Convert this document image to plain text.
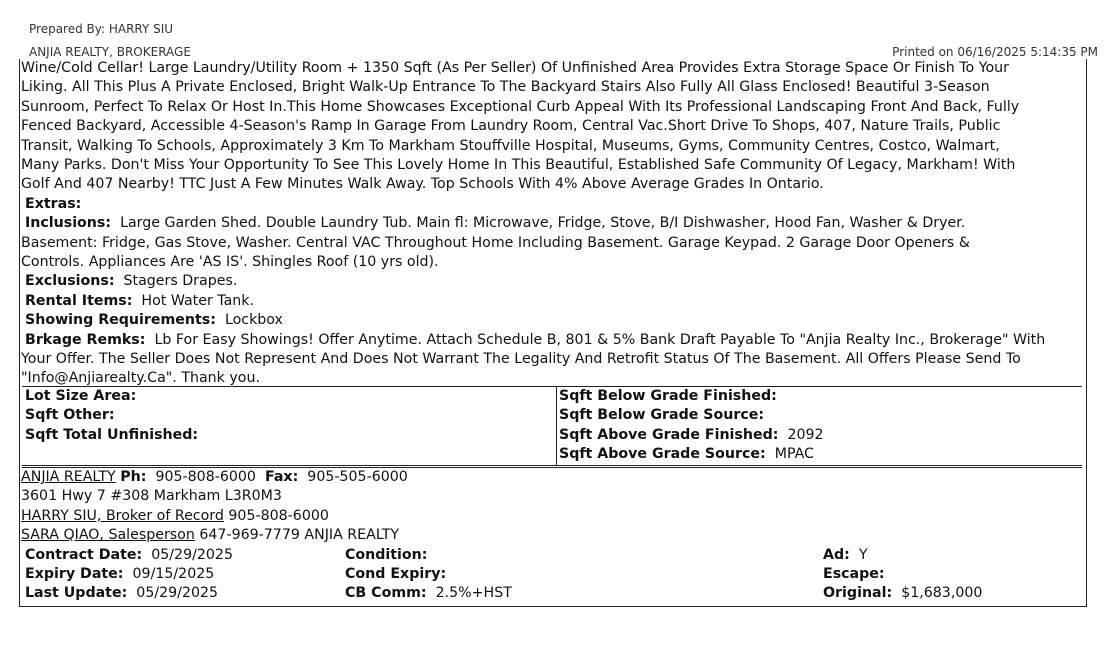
Prepared By: HARRY SIU
ANJIA REALTY, BROKERAGE	Printed on 06/16/2025 5:14:35 PM
Wine/Cold Cellar! Large Laundry/Utility Room + 1350 Sqft (As Per Seller) Of Unfinished Area Provides Extra Storage Space Or Finish To Your
Liking. All This Plus A Private Enclosed, Bright Walk-Up Entrance To The Backyard Stairs Also Fully All Glass Enclosed! Beautiful 3-Season
Sunroom, Perfect To Relax Or Host In.This Home Showcases Exceptional Curb Appeal With Its Professional Landscaping Front And Back, Fully
Fenced Backyard, Accessible 4-Season's Ramp In Garage From Laundry Room, Central Vac.Short Drive To Shops, 407, Nature Trails, Public
Transit, Walking To Schools, Approximately 3 Km To Markham Stouffville Hospital, Museums, Gyms, Community Centres, Costco, Walmart,
Many Parks. Don't Miss Your Opportunity To See This Lovely Home In This Beautiful, Established Safe Community Of Legacy, Markham! With
Golf And 407 Nearby! TTC Just A Few Minutes Walk Away. Top Schools With 4% Above Average Grades In Ontario.
Extras:
Inclusions: Large Garden Shed. Double Laundry Tub. Main fl: Microwave, Fridge, Stove, B/I Dishwasher, Hood Fan, Washer & Dryer.
Basement: Fridge, Gas Stove, Washer. Central VAC Throughout Home Including Basement. Garage Keypad. 2 Garage Door Openers &
Controls. Appliances Are 'AS IS'. Shingles Roof (10 yrs old).
Exclusions: Stagers Drapes.
Rental Items: Hot Water Tank.
Showing Requirements: Lockbox
Brkage Remks: Lb For Easy Showings! Offer Anytime. Attach Schedule B, 801 & 5% Bank Draft Payable To "Anjia Realty Inc., Brokerage" With
Your Offer. The Seller Does Not Represent And Does Not Warrant The Legality And Retrofit Status Of The Basement. All Offers Please Send To
"Info@Anjiarealty.Ca". Thank you.
Lot Size Area:
Sqft Other:
Sqft Total Unfinished:
Sqft Below Grade Finished:
Sqft Below Grade Source:
Sqft Above Grade Finished: 2092
Sqft Above Grade Source: MPAC
ANJIA REALTY Ph: 905-808-6000 Fax: 905-505-6000
3601 Hwy 7 #308 Markham L3R0M3
HARRY SIU, Broker of Record 905-808-6000
SARA QIAO, Salesperson 647-969-7779 ANJIA REALTY
Contract Date: 05/29/2025
Expiry Date: 09/15/2025
Last Update: 05/29/2025
Condition:
Cond Expiry:
CB Comm: 2.5%+HST
Ad: Y
Escape:
Original: $1,683,000
